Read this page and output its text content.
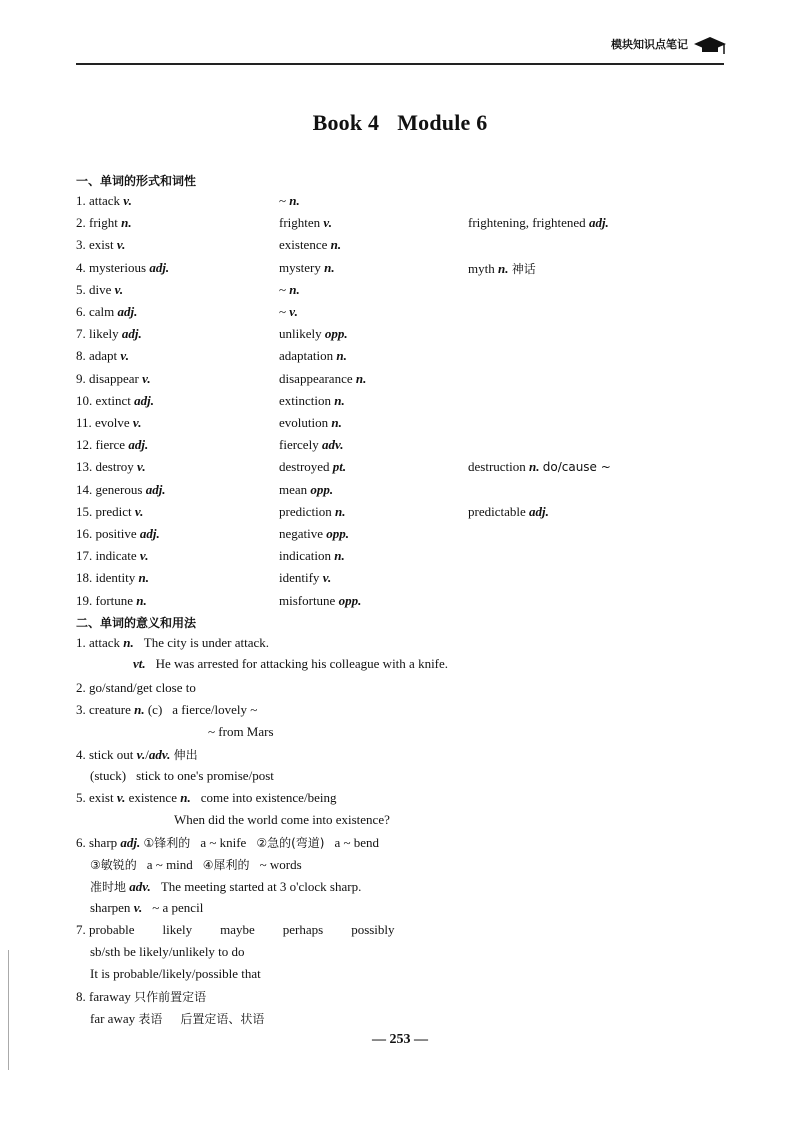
模块知识点笔记
Book 4 Module 6
一、单词的形式和词性
1. attack v.	~ n.
2. fright n.	frighten v.	frightening, frightened adj.
3. exist v.	existence n.
4. mysterious adj.	mystery n.	myth n. 神话
5. dive v.	~ n.
6. calm adj.	~ v.
7. likely adj.	unlikely opp.
8. adapt v.	adaptation n.
9. disappear v.	disappearance n.
10. extinct adj.	extinction n.
11. evolve v.	evolution n.
12. fierce adj.	fiercely adv.
13. destroy v.	destroyed pt.	destruction n. do/cause ~
14. generous adj.	mean opp.
15. predict v.	prediction n.	predictable adj.
16. positive adj.	negative opp.
17. indicate v.	indication n.
18. identity n.	identify v.
19. fortune n.	misfortune opp.
二、单词的意义和用法
1. attack n. The city is under attack.
vt. He was arrested for attacking his colleague with a knife.
2. go/stand/get close to
3. creature n. (c) a fierce/lovely ~
~ from Mars
4. stick out v./adv. 伸出
(stuck) stick to one's promise/post
5. exist v. existence n. come into existence/being
When did the world come into existence?
6. sharp adj. ①锋利的 a ~ knife ②急的(弯道) a ~ bend
③敏锐的 a ~ mind ④犀利的 ~ words
准时地 adv. The meeting started at 3 o'clock sharp.
sharpen v. ~ a pencil
7. probable likely maybe perhaps possibly
sb/sth be likely/unlikely to do
It is probable/likely/possible that
8. faraway 只作前置定语
far away 表语 后置定语、状语
— 253 —
